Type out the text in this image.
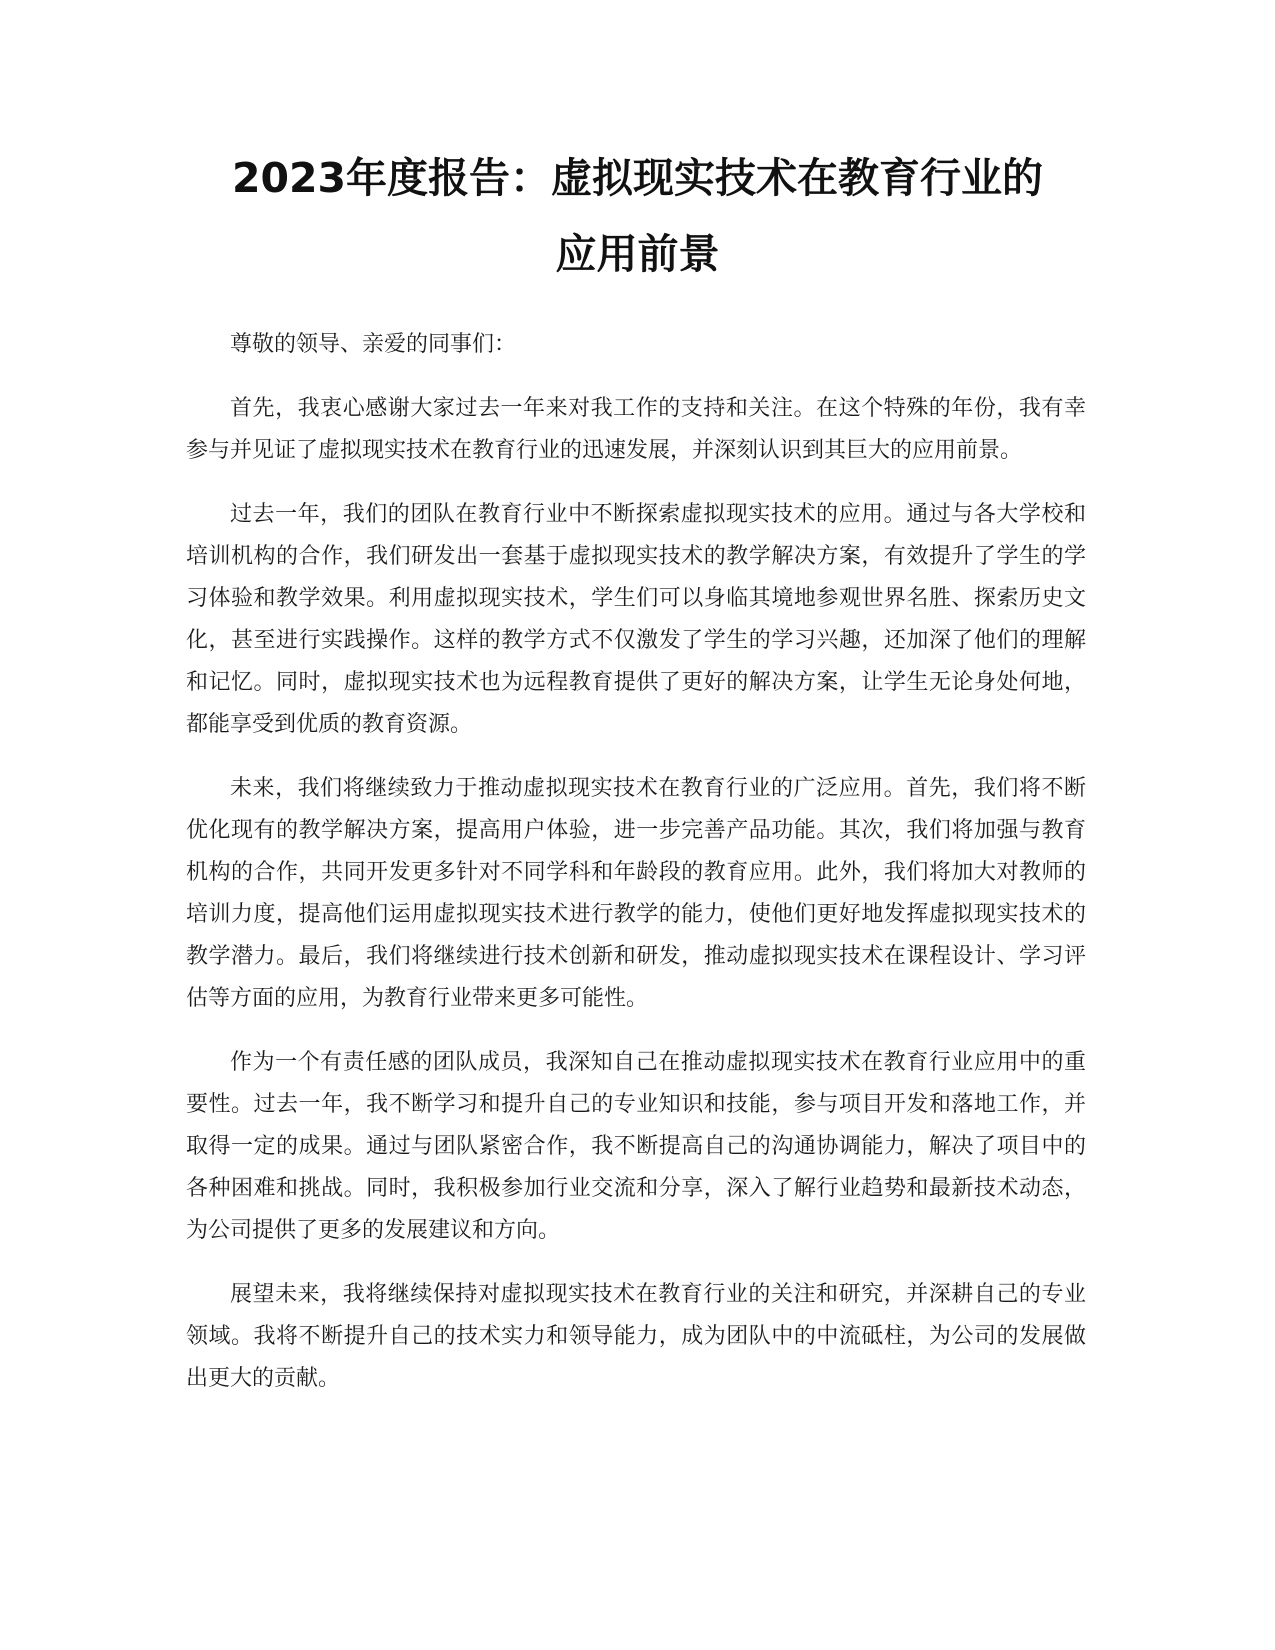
2023年度报告：虚拟现实技术在教育行业的
应用前景

尊敬的领导、亲爱的同事们：

首先，我衷心感谢大家过去一年来对我工作的支持和关注。在这个特殊的年份，我有幸参与并见证了虚拟现实技术在教育行业的迅速发展，并深刻认识到其巨大的应用前景。

过去一年，我们的团队在教育行业中不断探索虚拟现实技术的应用。通过与各大学校和培训机构的合作，我们研发出一套基于虚拟现实技术的教学解决方案，有效提升了学生的学习体验和教学效果。利用虚拟现实技术，学生们可以身临其境地参观世界名胜、探索历史文化，甚至进行实践操作。这样的教学方式不仅激发了学生的学习兴趣，还加深了他们的理解和记忆。同时，虚拟现实技术也为远程教育提供了更好的解决方案，让学生无论身处何地，都能享受到优质的教育资源。

未来，我们将继续致力于推动虚拟现实技术在教育行业的广泛应用。首先，我们将不断优化现有的教学解决方案，提高用户体验，进一步完善产品功能。其次，我们将加强与教育机构的合作，共同开发更多针对不同学科和年龄段的教育应用。此外，我们将加大对教师的培训力度，提高他们运用虚拟现实技术进行教学的能力，使他们更好地发挥虚拟现实技术的教学潜力。最后，我们将继续进行技术创新和研发，推动虚拟现实技术在课程设计、学习评估等方面的应用，为教育行业带来更多可能性。

作为一个有责任感的团队成员，我深知自己在推动虚拟现实技术在教育行业应用中的重要性。过去一年，我不断学习和提升自己的专业知识和技能，参与项目开发和落地工作，并取得一定的成果。通过与团队紧密合作，我不断提高自己的沟通协调能力，解决了项目中的各种困难和挑战。同时，我积极参加行业交流和分享，深入了解行业趋势和最新技术动态，为公司提供了更多的发展建议和方向。

展望未来，我将继续保持对虚拟现实技术在教育行业的关注和研究，并深耕自己的专业领域。我将不断提升自己的技术实力和领导能力，成为团队中的中流砥柱，为公司的发展做出更大的贡献。
